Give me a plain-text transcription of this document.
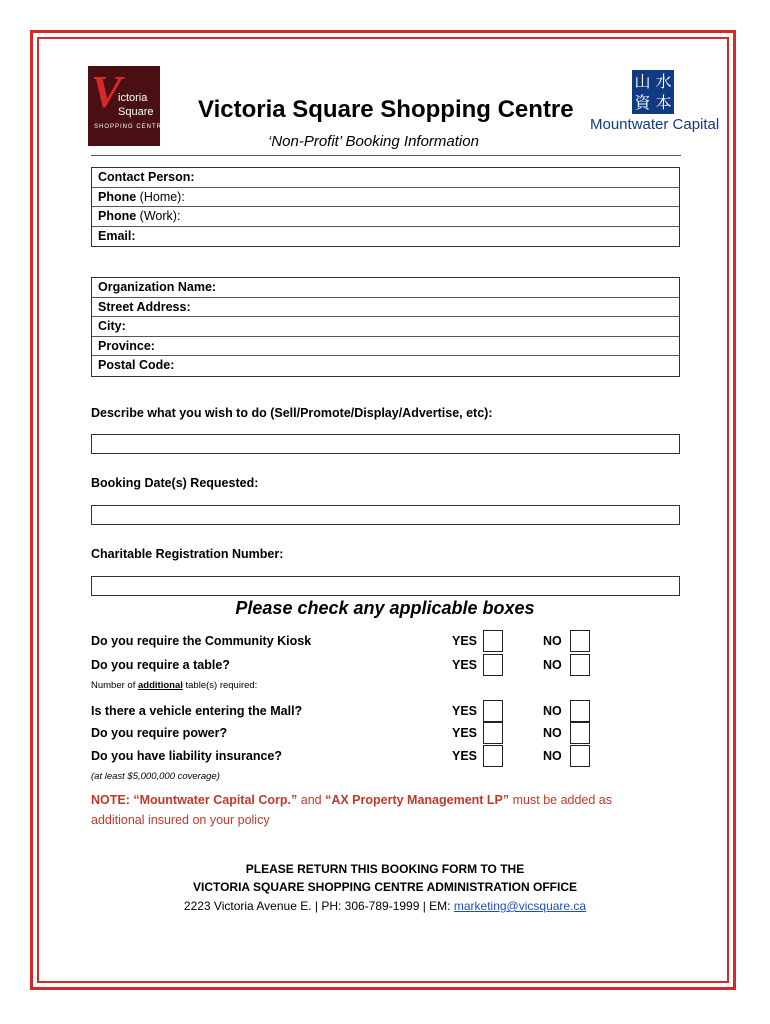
V
ictoria
Square
SHOPPING CENTRE
Victoria Square Shopping Centre
‘Non-Profit’ Booking Information
山 水
資 本
Mountwater Capital
Contact Person:
Phone (Home):
Phone (Work):
Email:
Organization Name:
Street Address:
City:
Province:
Postal Code:
Describe what you wish to do (Sell/Promote/Display/Advertise, etc):
Booking Date(s) Requested:
Charitable Registration Number:
Please check any applicable boxes
Do you require the Community Kiosk	YES	NO
Do you require a table?	YES	NO
Number of additional table(s) required:
Is there a vehicle entering the Mall?	YES	NO
Do you require power?	YES	NO
Do you have liability insurance?	YES	NO
(at least $5,000,000 coverage)
NOTE: “Mountwater Capital Corp.” and “AX Property Management LP” must be added as additional insured on your policy
PLEASE RETURN THIS BOOKING FORM TO THE
VICTORIA SQUARE SHOPPING CENTRE ADMINISTRATION OFFICE
2223 Victoria Avenue E. | PH: 306-789-1999 | EM: marketing@vicsquare.ca
